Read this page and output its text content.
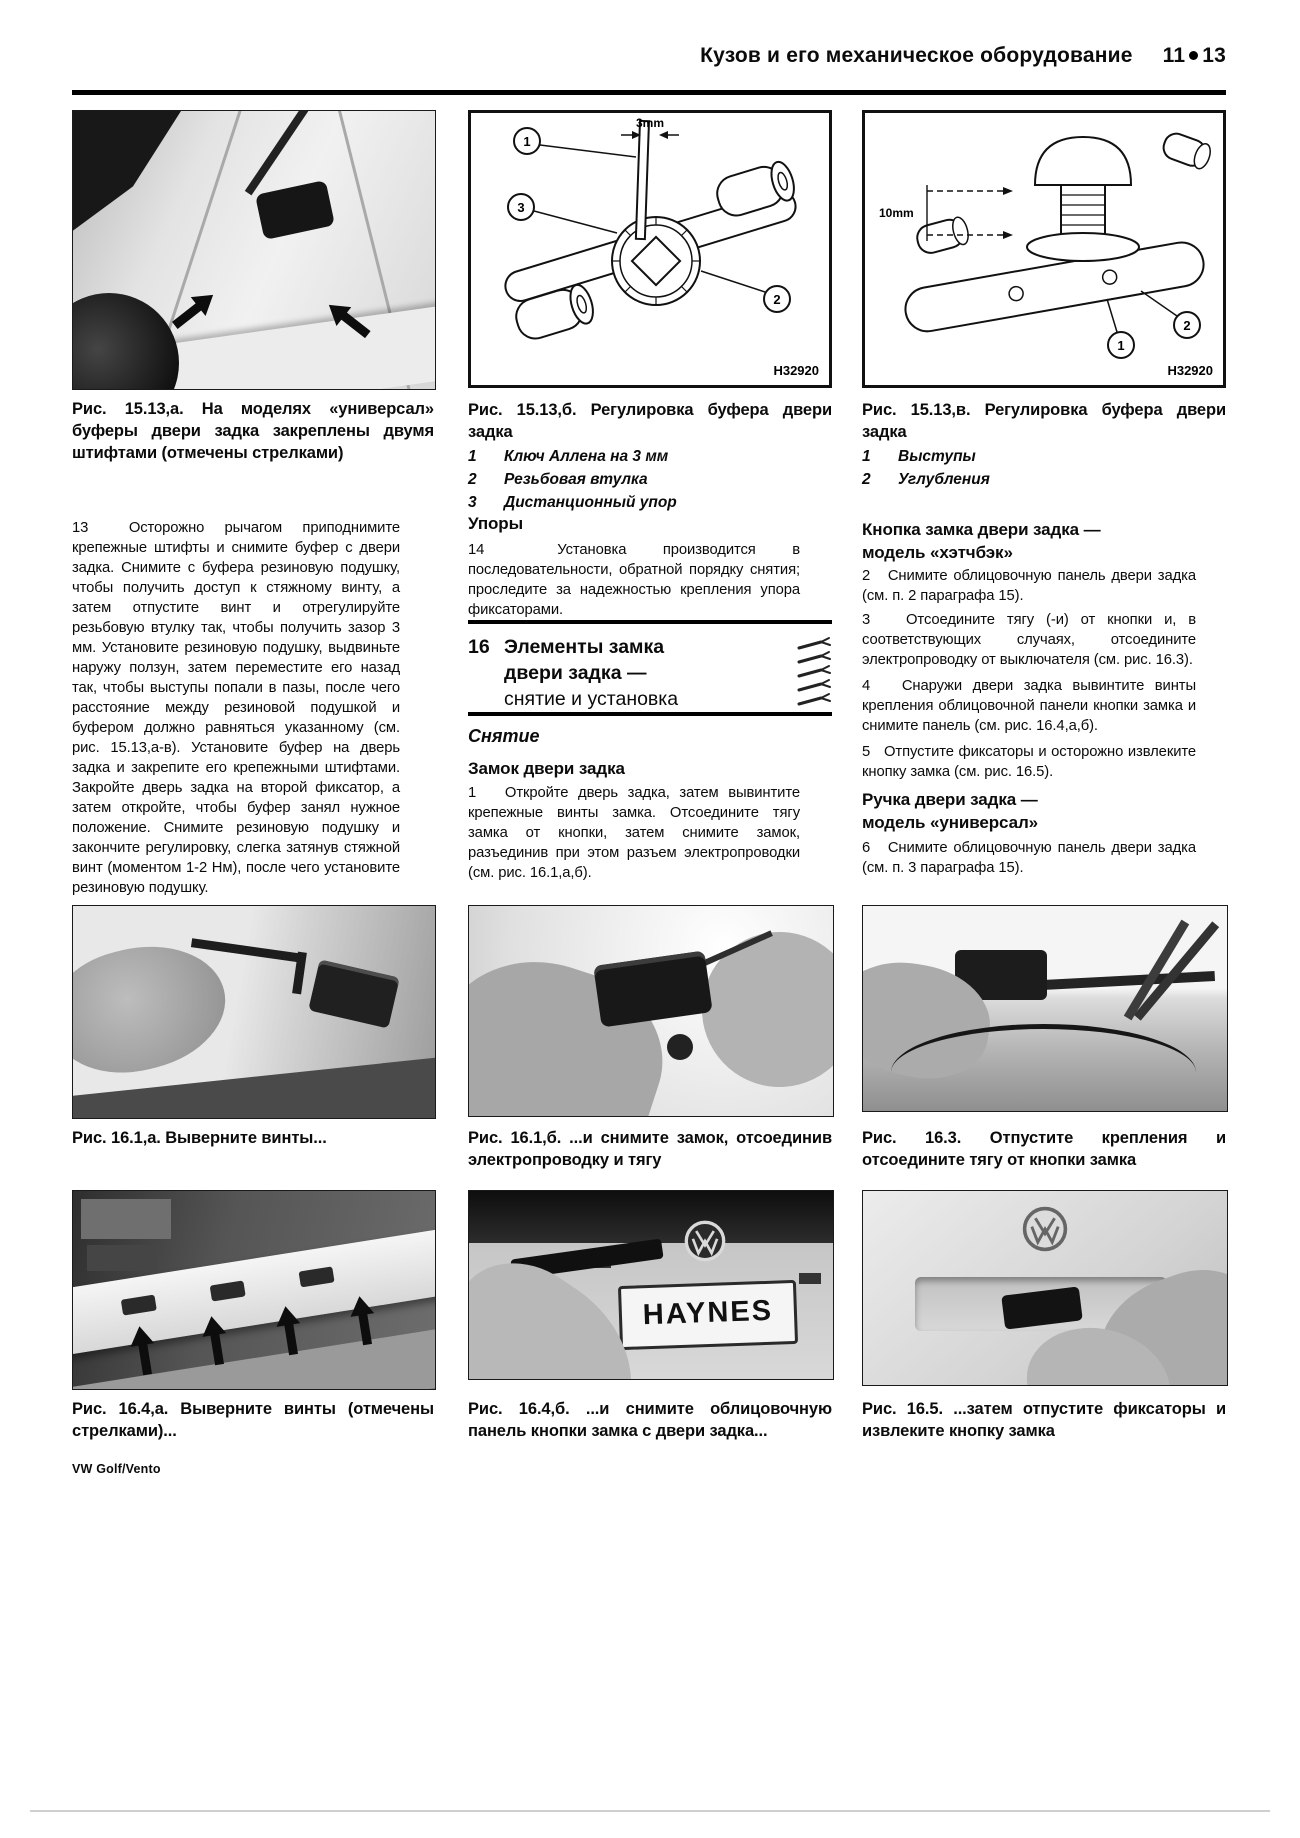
Кузов и его механическое оборудование 11 13
3mm
1
3
2
H32920
10mm
1
2
H32920
Рис. 15.13,а. На моделях «универсал» буферы двери задка закреплены двумя штифтами (отмечены стрелками)
Рис. 15.13,б. Регулировка буфера двери задка
1	Ключ Аллена на 3 мм
2	Резьбовая втулка
3	Дистанционный упор
Рис. 15.13,в. Регулировка буфера двери задка
1	Выступы
2	Углубления
13  Осторожно рычагом приподнимите крепежные штифты и снимите буфер с двери задка. Снимите с буфера резиновую подушку, чтобы получить доступ к стяжному винту, а затем отпустите винт и отрегулируйте резьбовую втулку так, чтобы получить зазор 3 мм. Установите резиновую подушку, выдвиньте наружу ползун, затем переместите его назад так, чтобы выступы попали в пазы, после чего расстояние между резиновой подушкой и буфером должно равняться указанному (см. рис. 15.13,а-в). Установите буфер на дверь задка и закрепите его крепежными штифтами. Закройте дверь задка на второй фиксатор, а затем откройте, чтобы буфер занял нужное положение. Снимите резиновую подушку и закончите регулировку, слегка затянув стяжной винт (моментом 1-2 Нм), после чего установите резиновую подушку.
Упоры
14  Установка производится в последовательности, обратной порядку снятия; проследите за надежностью крепления упора фиксаторами.
16 Элементы замка
двери задка —
снятие и установка
Снятие
Замок двери задка
1   Откройте дверь задка, затем вывинтите крепежные винты замка. Отсоедините тягу замка от кнопки, затем снимите замок, разъединив при этом разъем электропроводки (см. рис. 16.1,а,б).
Кнопка замка двери задка —
модель «хэтчбэк»
2   Снимите облицовочную панель двери задка (см. п. 2 параграфа 15).
3   Отсоедините тягу (-и) от кнопки и, в соответствующих случаях, отсоедините электропроводку от выключателя (см. рис. 16.3).
4   Снаружи двери задка вывинтите винты крепления облицовочной панели кнопки замка и снимите панель (см. рис. 16.4,а,б).
5   Отпустите фиксаторы и осторожно извлеките кнопку замка (см. рис. 16.5).
Ручка двери задка —
модель «универсал»
6   Снимите облицовочную панель двери задка (см. п. 3 параграфа 15).
Рис. 16.1,а. Выверните винты...	Рис. 16.1,б. ...и снимите замок, отсоединив электропроводку и тягу
Рис. 16.3. Отпустите крепления и отсоедините тягу от кнопки замка
HAYNES
Рис. 16.4,а. Выверните винты (отмечены стрелками)...
Рис. 16.4,б. ...и снимите облицовочную панель кнопки замка с двери задка...
Рис. 16.5. ...затем отпустите фиксаторы и извлеките кнопку замка
VW Golf/Vento
